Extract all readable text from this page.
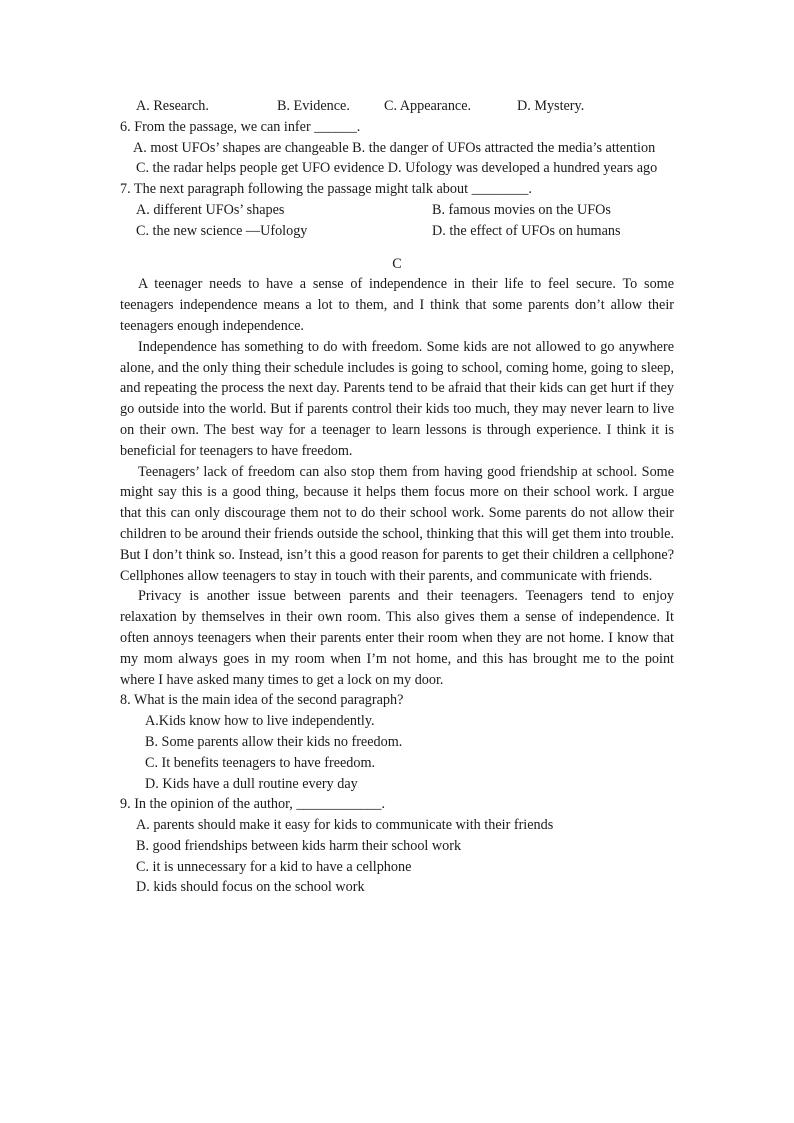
A. Research.	B. Evidence.	C. Appearance.	D. Mystery.

6. From the passage, we can infer ______.

A. most UFOs’ shapes are changeable B. the danger of UFOs attracted the media’s attention

C. the radar helps people get UFO evidence D. Ufology was developed a hundred years ago

7. The next paragraph following the passage might talk about ________.

A. different UFOs’ shapes	B. famous movies on the UFOs
C. the new science —Ufology	D. the effect of UFOs on humans

C

A teenager needs to have a sense of independence in their life to feel secure. To some teenagers independence means a lot to them, and I think that some parents don’t allow their teenagers enough independence.

Independence has something to do with freedom. Some kids are not allowed to go anywhere alone, and the only thing their schedule includes is going to school, coming home, going to sleep, and repeating the process the next day. Parents tend to be afraid that their kids can get hurt if they go outside into the world. But if parents control their kids too much, they may never learn to live on their own. The best way for a teenager to learn lessons is through experience. I think it is beneficial for teenagers to have freedom.

Teenagers’ lack of freedom can also stop them from having good friendship at school. Some might say this is a good thing, because it helps them focus more on their school work. I argue that this can only discourage them not to do their school work. Some parents do not allow their children to be around their friends outside the school, thinking that this will get them into trouble. But I don’t think so. Instead, isn’t this a good reason for parents to get their children a cellphone? Cellphones allow teenagers to stay in touch with their parents, and communicate with friends.

Privacy is another issue between parents and their teenagers. Teenagers tend to enjoy relaxation by themselves in their own room. This also gives them a sense of independence. It often annoys teenagers when their parents enter their room when they are not home. I know that my mom always goes in my room when I’m not home, and this has brought me to the point where I have asked many times to get a lock on my door.

8. What is the main idea of the second paragraph?

A.Kids know how to live independently.

B. Some parents allow their kids no freedom.

C. It benefits teenagers to have freedom.

D. Kids have a dull routine every day

9. In the opinion of the author, ____________.

A. parents should make it easy for kids to communicate with their friends

B. good friendships between kids harm their school work

C. it is unnecessary for a kid to have a cellphone

D. kids should focus on the school work
